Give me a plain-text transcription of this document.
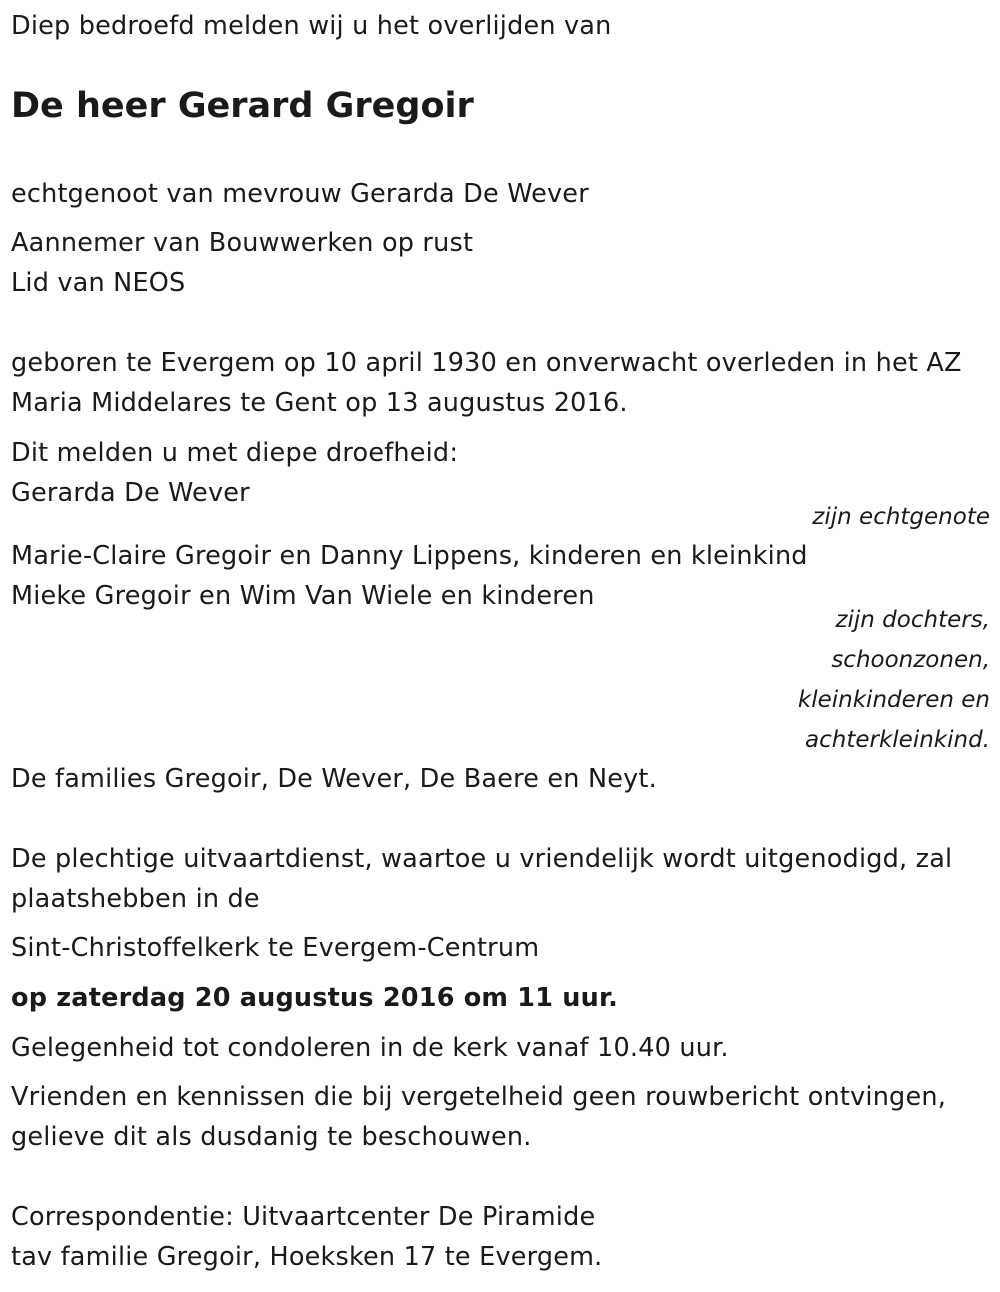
Diep bedroefd melden wij u het overlijden van
De heer Gerard Gregoir
echtgenoot van mevrouw Gerarda De Wever
Aannemer van Bouwwerken op rust
Lid van NEOS
geboren te Evergem op 10 april 1930 en onverwacht overleden in het AZ
Maria Middelares te Gent op 13 augustus 2016.
Dit melden u met diepe droefheid:
Gerarda De Wever
zijn echtgenote
Marie-Claire Gregoir en Danny Lippens, kinderen en kleinkind
Mieke Gregoir en Wim Van Wiele en kinderen
zijn dochters,
schoonzonen,
kleinkinderen en
achterkleinkind.
De families Gregoir, De Wever, De Baere en Neyt.
De plechtige uitvaartdienst, waartoe u vriendelijk wordt uitgenodigd, zal
plaatshebben in de
Sint-Christoffelkerk te Evergem-Centrum
op zaterdag 20 augustus 2016 om 11 uur.
Gelegenheid tot condoleren in de kerk vanaf 10.40 uur.
Vrienden en kennissen die bij vergetelheid geen rouwbericht ontvingen,
gelieve dit als dusdanig te beschouwen.
Correspondentie: Uitvaartcenter De Piramide
tav familie Gregoir, Hoeksken 17 te Evergem.
